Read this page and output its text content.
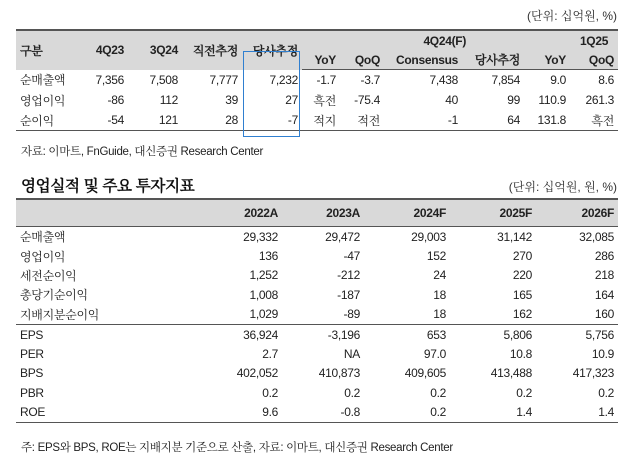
(단위: 십억원, %)
구분	4Q23	3Q24	직전추정	당사추정	4Q24(F)					1Q25
					YoY	QoQ	Consensus	당사추정	YoY	QoQ
순매출액	7,356	7,508	7,777	7,232	-1.7	-3.7	7,438	7,854	9.0	8.6
영업이익	-86	112	39	27	흑전	-75.4	40	99	110.9	261.3
순이익	-54	121	28	-7	적지	적전	-1	64	131.8	흑전
자료: 이마트, FnGuide, 대신증권 Research Center
영업실적 및 주요 투자지표	(단위: 십억원, 원, %)
	2022A	2023A	2024F	2025F	2026F
순매출액	29,332	29,472	29,003	31,142	32,085
영업이익	136	-47	152	270	286
세전순이익	1,252	-212	24	220	218
총당기순이익	1,008	-187	18	165	164
지배지분순이익	1,029	-89	18	162	160
EPS	36,924	-3,196	653	5,806	5,756
PER	2.7	NA	97.0	10.8	10.9
BPS	402,052	410,873	409,605	413,488	417,323
PBR	0.2	0.2	0.2	0.2	0.2
ROE	9.6	-0.8	0.2	1.4	1.4
주: EPS와 BPS, ROE는 지배지분 기준으로 산출, 자료: 이마트, 대신증권 Research Center
